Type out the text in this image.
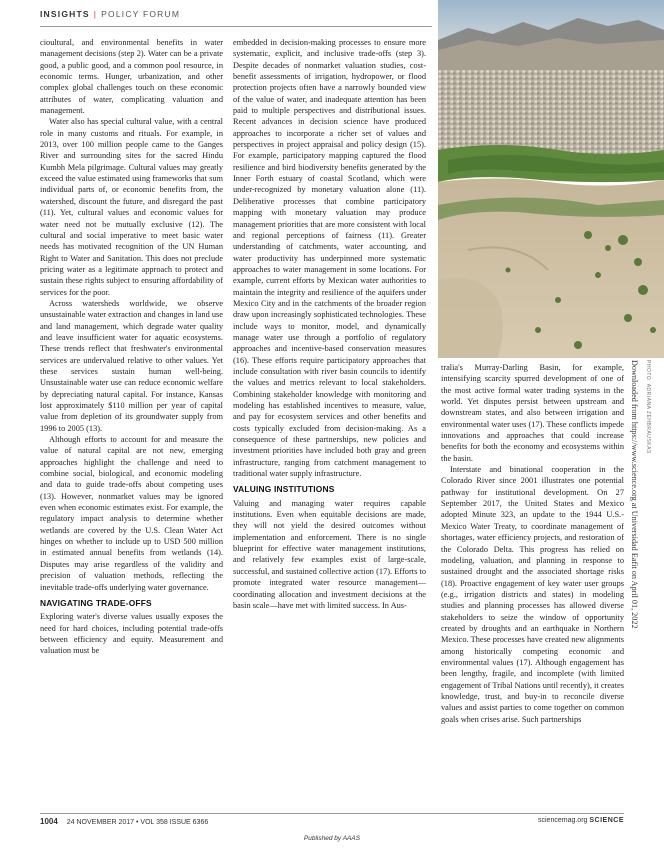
INSIGHTS | POLICY FORUM

cioultural, and environmental benefits in water management decisions (step 2). Water can be a private good, a public good, and a common pool resource, in economic terms. Hunger, urbanization, and other complex global challenges touch on these economic attributes of water, complicating valuation and management.

Water also has special cultural value, with a central role in many customs and rituals. For example, in 2013, over 100 million people came to the Ganges River and surrounding sites for the sacred Hindu Kumbh Mela pilgrimage. Cultural values may greatly exceed the value estimated using frameworks that sum individual parts of, or economic benefits from, the watershed, discount the future, and disregard the past (11). Yet, cultural values and economic values for water need not be mutually exclusive (12). The cultural and social imperative to meet basic water needs has motivated recognition of the UN Human Right to Water and Sanitation. This does not preclude pricing water as a legitimate approach to protect and sustain these rights subject to ensuring affordability of services for the poor.

Across watersheds worldwide, we observe unsustainable water extraction and changes in land use and land management, which degrade water quality and leave insufficient water for aquatic ecosystems. These trends reflect that freshwater's environmental services are undervalued relative to other values. Yet these services sustain human well-being. Unsustainable water use can reduce economic welfare by depreciating natural capital. For instance, Kansas lost approximately $110 million per year of capital value from depletion of its groundwater supply from 1996 to 2005 (13).

Although efforts to account for and measure the value of natural capital are not new, emerging approaches highlight the challenge and need to combine social, biological, and economic modeling and data to guide trade-offs about competing uses (13). However, nonmarket values may be ignored even when economic estimates exist. For example, the regulatory impact analysis to determine whether wetlands are covered by the U.S. Clean Water Act hinges on whether to include up to USD 500 million in estimated annual benefits from wetlands (14). Disputes may arise regardless of the validity and precision of valuation methods, reflecting the inevitable trade-offs underlying water governance.

NAVIGATING TRADE-OFFS

Exploring water's diverse values usually exposes the need for hard choices, including potential trade-offs between efficiency and equity. Measurement and valuation must be

embedded in decision-making processes to ensure more systematic, explicit, and inclusive trade-offs (step 3). Despite decades of nonmarket valuation studies, cost-benefit assessments of irrigation, hydropower, or flood protection projects often have a narrowly bounded view of the value of water, and inadequate attention has been paid to multiple perspectives and distributional issues. Recent advances in decision science have produced approaches to incorporate a richer set of values and perspectives in project appraisal and policy design (15). For example, participatory mapping captured the flood resilience and bird biodiversity benefits generated by the Inner Forth estuary of coastal Scotland, which were under-recognized by monetary valuation alone (11). Deliberative processes that combine participatory mapping with monetary valuation may produce management priorities that are more consistent with local and regional perceptions of fairness (11). Greater understanding of catchments, water accounting, and water productivity has underpinned more systematic approaches to water management in some locations. For example, current efforts by Mexican water authorities to maintain the integrity and resilience of the aquifers under Mexico City and in the catchments of the broader region draw upon increasingly sophisticated technologies. These include ways to monitor, model, and dynamically manage water use through a portfolio of regulatory approaches and incentive-based conservation measures (16). These efforts require participatory approaches that include consultation with river basin councils to identify the values and metrics relevant to local stakeholders. Combining stakeholder knowledge with monitoring and modeling has established incentives to measure, value, and pay for ecosystem services and other benefits and costs typically excluded from decision-making. As a consequence of these partnerships, new policies and investment priorities have included both gray and green infrastructure, ranging from catchment management to traditional water supply infrastructure.

VALUING INSTITUTIONS

Valuing and managing water requires capable institutions. Even when equitable decisions are made, they will not yield the desired outcomes without implementation and enforcement. There is no single blueprint for effective water management institutions, and relatively few examples exist of large-scale, successful, and sustained collective action (17). Efforts to promote integrated water resource management—coordinating allocation and investment decisions at the basin scale—have met with limited success. In Aus-

PHOTO: ADRIANA ZEHBRAUSKAS

tralia's Murray-Darling Basin, for example, intensifying scarcity spurred development of one of the most active formal water trading systems in the world. Yet disputes persist between upstream and downstream states, and also between irrigation and environmental water uses (17). These conflicts impede innovations and approaches that could increase benefits for both the economy and ecosystems within the basin.

Interstate and binational cooperation in the Colorado River since 2001 illustrates one potential pathway for institutional development. On 27 September 2017, the United States and Mexico adopted Minute 323, an update to the 1944 U.S.-Mexico Water Treaty, to coordinate management of shortages, water efficiency projects, and restoration of the Colorado Delta. This progress has relied on modeling, valuation, and planning in response to sustained drought and the associated shortage risks (18). Proactive engagement of key water user groups (e.g., irrigation districts and states) in modeling studies and planning processes has allowed diverse stakeholders to seize the window of opportunity created by droughts and an earthquake in Northern Mexico. These processes have created new alignments among historically competing economic and environmental values (17). Although engagement has been lengthy, fragile, and incomplete (with limited engagement of Tribal Nations until recently), it creates knowledge, trust, and buy-in to reconcile diverse values and assist parties to come together on common goals when crises arise. Such partnerships

Downloaded from https://www.science.org at Universidad Eafit on April 01, 2022
1004 24 NOVEMBER 2017 • VOL 358 ISSUE 6366	sciencemag.org SCIENCE
Published by AAAS
